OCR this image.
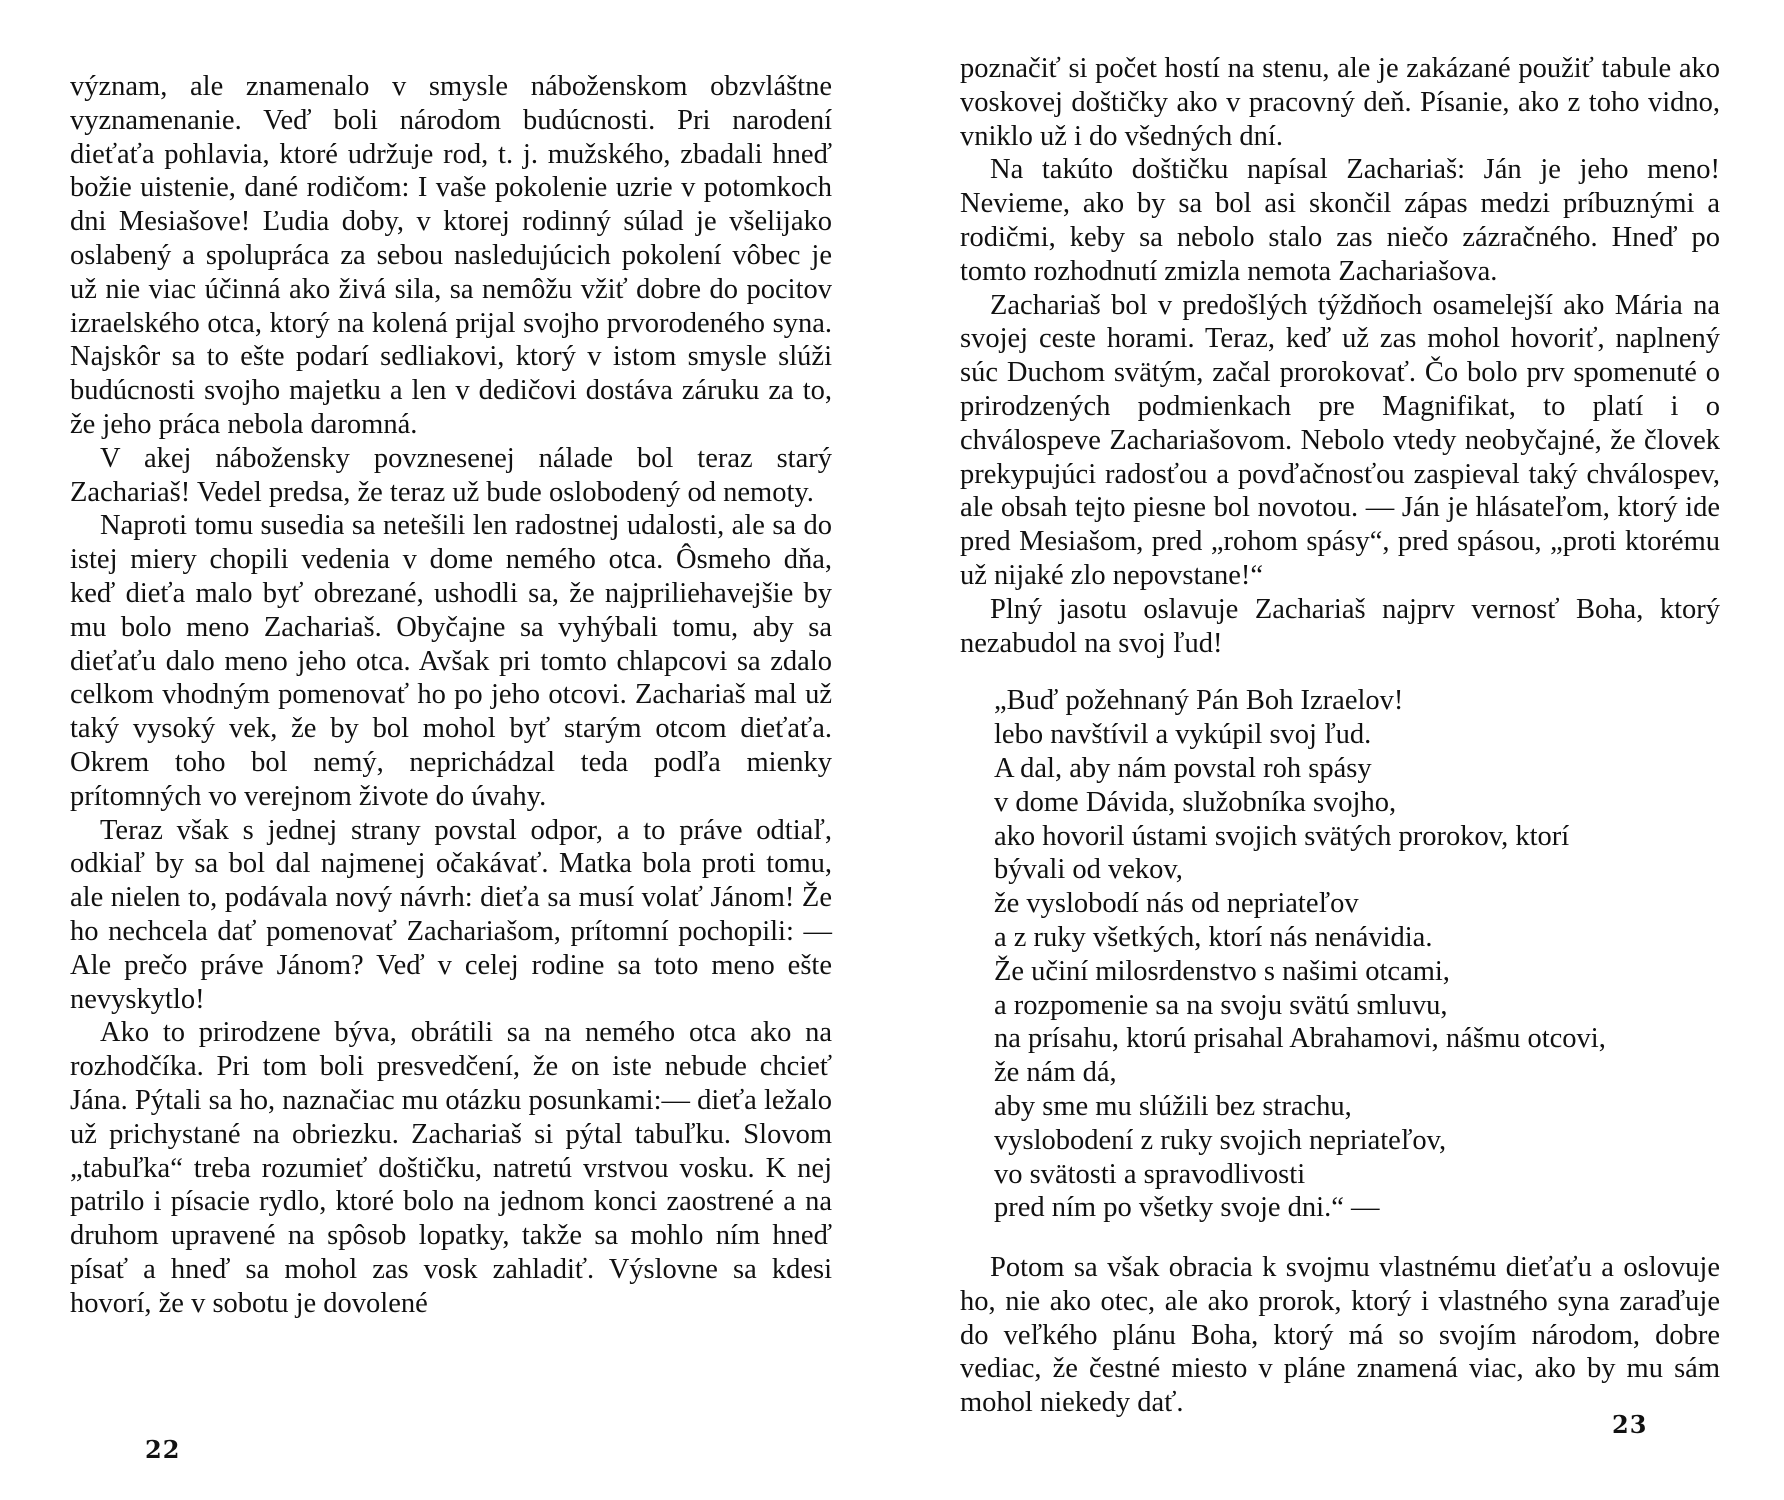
význam, ale znamenalo v smysle náboženskom obzvláštne vyznamenanie. Veď boli národom budúcnosti. Pri narodení dieťaťa pohlavia, ktoré udržuje rod, t. j. mužského, zbadali hneď božie uistenie, dané rodičom: I vaše pokolenie uzrie v potomkoch dni Mesiašove! Ľudia doby, v ktorej rodinný súlad je všelijako oslabený a spolupráca za sebou nasledujúcich pokolení vôbec je už nie viac účinná ako živá sila, sa nemôžu vžiť dobre do pocitov izraelského otca, ktorý na kolená prijal svojho prvorodeného syna. Najskôr sa to ešte podarí sedliakovi, ktorý v istom smysle slúži budúcnosti svojho majetku a len v dedičovi dostáva záruku za to, že jeho práca nebola daromná.

V akej nábožensky povznesenej nálade bol teraz starý Zachariaš! Vedel predsa, že teraz už bude oslobodený od nemoty.

Naproti tomu susedia sa netešili len radostnej udalosti, ale sa do istej miery chopili vedenia v dome nemého otca. Ôsmeho dňa, keď dieťa malo byť obrezané, ushodli sa, že najpriliehavejšie by mu bolo meno Zachariaš. Obyčajne sa vyhýbali tomu, aby sa dieťaťu dalo meno jeho otca. Avšak pri tomto chlapcovi sa zdalo celkom vhodným pomenovať ho po jeho otcovi. Zachariaš mal už taký vysoký vek, že by bol mohol byť starým otcom dieťaťa. Okrem toho bol nemý, neprichádzal teda podľa mienky prítomných vo verejnom živote do úvahy.

Teraz však s jednej strany povstal odpor, a to práve odtiaľ, odkiaľ by sa bol dal najmenej očakávať. Matka bola proti tomu, ale nielen to, podávala nový návrh: dieťa sa musí volať Jánom! Že ho nechcela dať pomenovať Zachariašom, prítomní pochopili: — Ale prečo práve Jánom? Veď v celej rodine sa toto meno ešte nevyskytlo!

Ako to prirodzene býva, obrátili sa na nemého otca ako na rozhodčíka. Pri tom boli presvedčení, že on iste nebude chcieť Jána. Pýtali sa ho, naznačiac mu otázku posunkami:— dieťa ležalo už prichystané na obriezku. Zachariaš si pýtal tabuľku. Slovom „tabuľka“ treba rozumieť doštičku, natretú vrstvou vosku. K nej patrilo i písacie rydlo, ktoré bolo na jednom konci zaostrené a na druhom upravené na spôsob lopatky, takže sa mohlo ním hneď písať a hneď sa mohol zas vosk zahladiť. Výslovne sa kdesi hovorí, že v sobotu je dovolené

22

poznačiť si počet hostí na stenu, ale je zakázané použiť tabule ako voskovej doštičky ako v pracovný deň. Písanie, ako z toho vidno, vniklo už i do všedných dní.

Na takúto doštičku napísal Zachariaš: Ján je jeho meno! Nevieme, ako by sa bol asi skončil zápas medzi príbuznými a rodičmi, keby sa nebolo stalo zas niečo zázračného. Hneď po tomto rozhodnutí zmizla nemota Zachariašova.

Zachariaš bol v predošlých týždňoch osamelejší ako Mária na svojej ceste horami. Teraz, keď už zas mohol hovoriť, naplnený súc Duchom svätým, začal prorokovať. Čo bolo prv spomenuté o prirodzených podmienkach pre Magnifikat, to platí i o chválospeve Zachariašovom. Nebolo vtedy neobyčajné, že človek prekypujúci radosťou a povďačnosťou zaspieval taký chválospev, ale obsah tejto piesne bol novotou. — Ján je hlásateľom, ktorý ide pred Mesiašom, pred „rohom spásy“, pred spásou, „proti ktorému už nijaké zlo nepovstane!“

Plný jasotu oslavuje Zachariaš najprv vernosť Boha, ktorý nezabudol na svoj ľud!

„Buď požehnaný Pán Boh Izraelov!
lebo navštívil a vykúpil svoj ľud.
A dal, aby nám povstal roh spásy
v dome Dávida, služobníka svojho,
ako hovoril ústami svojich svätých prorokov, ktorí
bývali od vekov,
že vyslobodí nás od nepriateľov
a z ruky všetkých, ktorí nás nenávidia.
Že učiní milosrdenstvo s našimi otcami,
a rozpomenie sa na svoju svätú smluvu,
na prísahu, ktorú prisahal Abrahamovi, nášmu otcovi,
že nám dá,
aby sme mu slúžili bez strachu,
vyslobodení z ruky svojich nepriateľov,
vo svätosti a spravodlivosti
pred ním po všetky svoje dni.“ —

Potom sa však obracia k svojmu vlastnému dieťaťu a oslovuje ho, nie ako otec, ale ako prorok, ktorý i vlastného syna zaraďuje do veľkého plánu Boha, ktorý má so svojím národom, dobre vediac, že čestné miesto v pláne znamená viac, ako by mu sám mohol niekedy dať.

23
